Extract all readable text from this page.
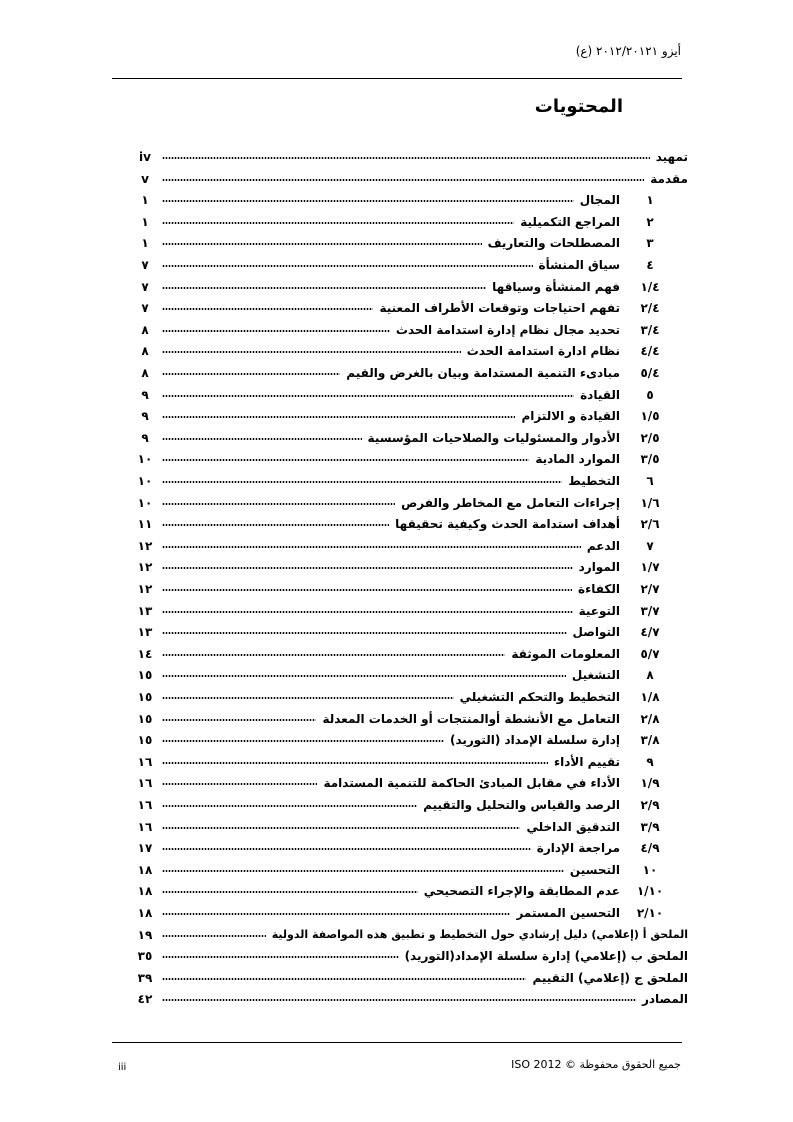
أيزو ٢٠١٢/٢٠١٢١ (ع)
المحتويات
تمهيد
iv
مقدمة
v
١
المجال
١
٢
المراجع التكميلية
١
٣
المصطلحات والتعاريف
١
٤
سياق المنشأة
٧
١/٤
فهم المنشأة وسياقها
٧
٢/٤
تفهم احتياجات وتوقعات الأطراف المعنية
٧
٣/٤
تحديد مجال نظام إدارة استدامة الحدث
٨
٤/٤
نظام ادارة استدامة الحدث
٨
٥/٤
مبادىء التنمية المستدامة وبيان بالغرض والقيم
٨
٥
القيادة
٩
١/٥
القيادة و الالتزام
٩
٢/٥
الأدوار والمسئوليات والصلاحيات المؤسسية
٩
٣/٥
الموارد المادية
١٠
٦
التخطيط
١٠
١/٦
إجراءات التعامل مع المخاطر والفرص
١٠
٢/٦
أهداف استدامة الحدث وكيفية تحقيقها
١١
٧
الدعم
١٢
١/٧
الموارد
١٢
٢/٧
الكفاءة
١٢
٣/٧
التوعية
١٣
٤/٧
التواصل
١٣
٥/٧
المعلومات الموثقة
١٤
٨
التشغيل
١٥
١/٨
التخطيط والتحكم التشغيلي
١٥
٢/٨
التعامل مع الأنشطة أوالمنتجات أو الخدمات المعدلة
١٥
٣/٨
إدارة سلسلة الإمداد (التوريد)
١٥
٩
تقييم الأداء
١٦
١/٩
الأداء في مقابل المبادئ الحاكمة للتنمية المستدامة
١٦
٢/٩
الرصد والقياس والتحليل والتقييم
١٦
٣/٩
التدقيق الداخلي
١٦
٤/٩
مراجعة الإدارة
١٧
١٠
التحسين
١٨
١/١٠
عدم المطابقة والإجراء التصحيحي
١٨
٢/١٠
التحسين المستمر
١٨
الملحق أ (إعلامي) دليل إرشادي حول التخطيط و تطبيق هذه المواصفة الدولية
١٩
الملحق ب (إعلامي) إدارة سلسلة الإمداد(التوريد)
٣٥
الملحق ج (إعلامي) التقييم
٣٩
المصادر
٤٢
iii	جميع الحقوق محفوظة © ISO 2012
